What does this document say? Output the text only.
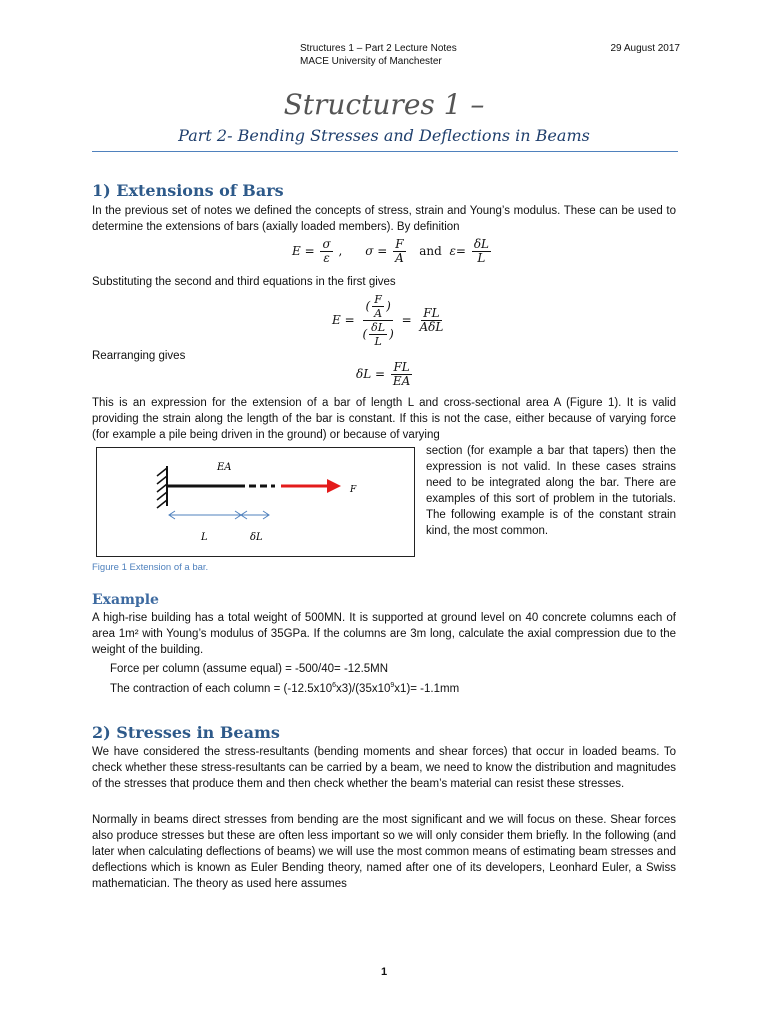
Structures 1 – Part 2 Lecture Notes
MACE University of Manchester
29 August 2017
Structures 1 –
Part 2- Bending Stresses and Deflections in Beams
1) Extensions of Bars
In the previous set of notes we defined the concepts of stress, strain and Young’s modulus. These can be used to determine the extensions of bars (axially loaded members). By definition
$E = \frac{\sigma}{\varepsilon}$ ,      $\sigma = \frac{F}{A}$ and $\varepsilon= \frac{\delta L}{L}$
Substituting the second and third equations in the first gives
$E = \frac{( \frac{F}{A} )}{( \frac{\delta L}{L} )} = \frac{FL}{\text{AδL}}$
Rearranging gives
$\delta L = \frac{FL}{EA}$
This is an expression for the extension of a bar of length L and cross-sectional area A (Figure 1). It is valid providing the strain along the length of the bar is constant. If this is not the case, either because of varying force (for example a pile being driven in the ground) or because of varying
section (for example a bar that tapers) then the expression is not valid. In these cases strains need to be integrated along the bar. There are examples of this sort of problem in the tutorials. The following example is of the constant strain kind, the most common.
EA
F
L	δL
Figure 1 Extension of a bar.
Example
A high-rise building has a total weight of 500MN. It is supported at ground level on 40 concrete columns each of area 1m² with Young’s modulus of 35GPa. If the columns are 3m long, calculate the axial compression due to the weight of the building.
Force per column (assume equal) = -500/40= -12.5MN
The contraction of each column = $(-12.5x10^6x3)/(35x10^9x1)= -1.1mm$
2) Stresses in Beams
We have considered the stress-resultants (bending moments and shear forces) that occur in loaded beams. To check whether these stress-resultants can be carried by a beam, we need to know the distribution and magnitudes of the stresses that produce them and then check whether the beam’s material can resist these stresses.
Normally in beams direct stresses from bending are the most significant and we will focus on these. Shear forces also produce stresses but these are often less important so we will only consider them briefly. In the following (and later when calculating deflections of beams) we will use the most common means of estimating beam stresses and deflections which is known as Euler Bending theory, named after one of its developers, Leonhard Euler, a Swiss mathematician. The theory as used here assumes
1
